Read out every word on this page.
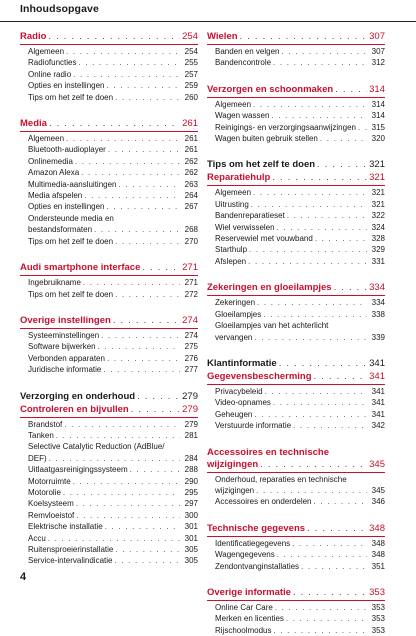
Inhoudsopgave
Radio . . .	254
Algemeen . . .	254
Radiofuncties . . .	255
Online radio . . .	257
Opties en instellingen . . .	259
Tips om het zelf te doen . . .	260
Media . . .	261
Algemeen . . .	261
Bluetooth-audioplayer . . .	261
Onlinemedia . . .	262
Amazon Alexa . . .	262
Multimedia-aansluitingen . . .	263
Media afspelen . . .	264
Opties en instellingen . . .	267
Ondersteunde media en
bestandsformaten . . .	268
Tips om het zelf te doen . . .	270
Audi smartphone interface . . .	271
Ingebruikname . . .	271
Tips om het zelf te doen . . .	272
Overige instellingen . . .	274
Systeeminstellingen . . .	274
Software bijwerken . . .	275
Verbonden apparaten . . .	276
Juridische informatie . . .	277
Verzorging en onderhoud . . .	279
Controleren en bijvullen . . .	279
Brandstof . . .	279
Tanken . . .	281
Selective Catalytic Reduction (AdBlue/
DEF) . . .	284
Uitlaatgasreinigingssysteem . . .	288
Motorruimte . . .	290
Motorolie . . .	295
Koelsysteem . . .	297
Remvloeistof . . .	300
Elektrische installatie . . .	301
Accu . . .	301
Ruitensproeierinstallatie . . .	305
Service-intervalindicatie . . .	305
Wielen . . .	307
Banden en velgen . . .	307
Bandencontrole . . .	312
Verzorgen en schoonmaken . . .	314
Algemeen . . .	314
Wagen wassen . . .	314
Reinigings- en verzorgingsaanwijzingen . . .	315
Wagen buiten gebruik stellen . . .	320
Tips om het zelf te doen . . .	321
Reparatiehulp . . .	321
Algemeen . . .	321
Uitrusting . . .	321
Bandenreparatieset . . .	322
Wiel verwisselen . . .	324
Reservewiel met vouwband . . .	328
Starthulp . . .	329
Afslepen . . .	331
Zekeringen en gloeilampjes . . .	334
Zekeringen . . .	334
Gloeilampjes . . .	338
Gloeilampjes van het achterlicht
vervangen . . .	339
Klantinformatie . . .	341
Gegevensbescherming . . .	341
Privacybeleid . . .	341
Video-opnames . . .	341
Geheugen . . .	341
Verstuurde informatie . . .	342
Accessoires en technische
wijzigingen . . .	345
Onderhoud, reparaties en technische
wijzigingen . . .	345
Accessoires en onderdelen . . .	346
Technische gegevens . . .	348
Identificatiegegevens . . .	348
Wagengegevens . . .	348
Zendontvanginstallaties . . .	351
Overige informatie . . .	353
Online Car Care . . .	353
Merken en licenties . . .	353
Rijschoolmodus . . .	353
4
